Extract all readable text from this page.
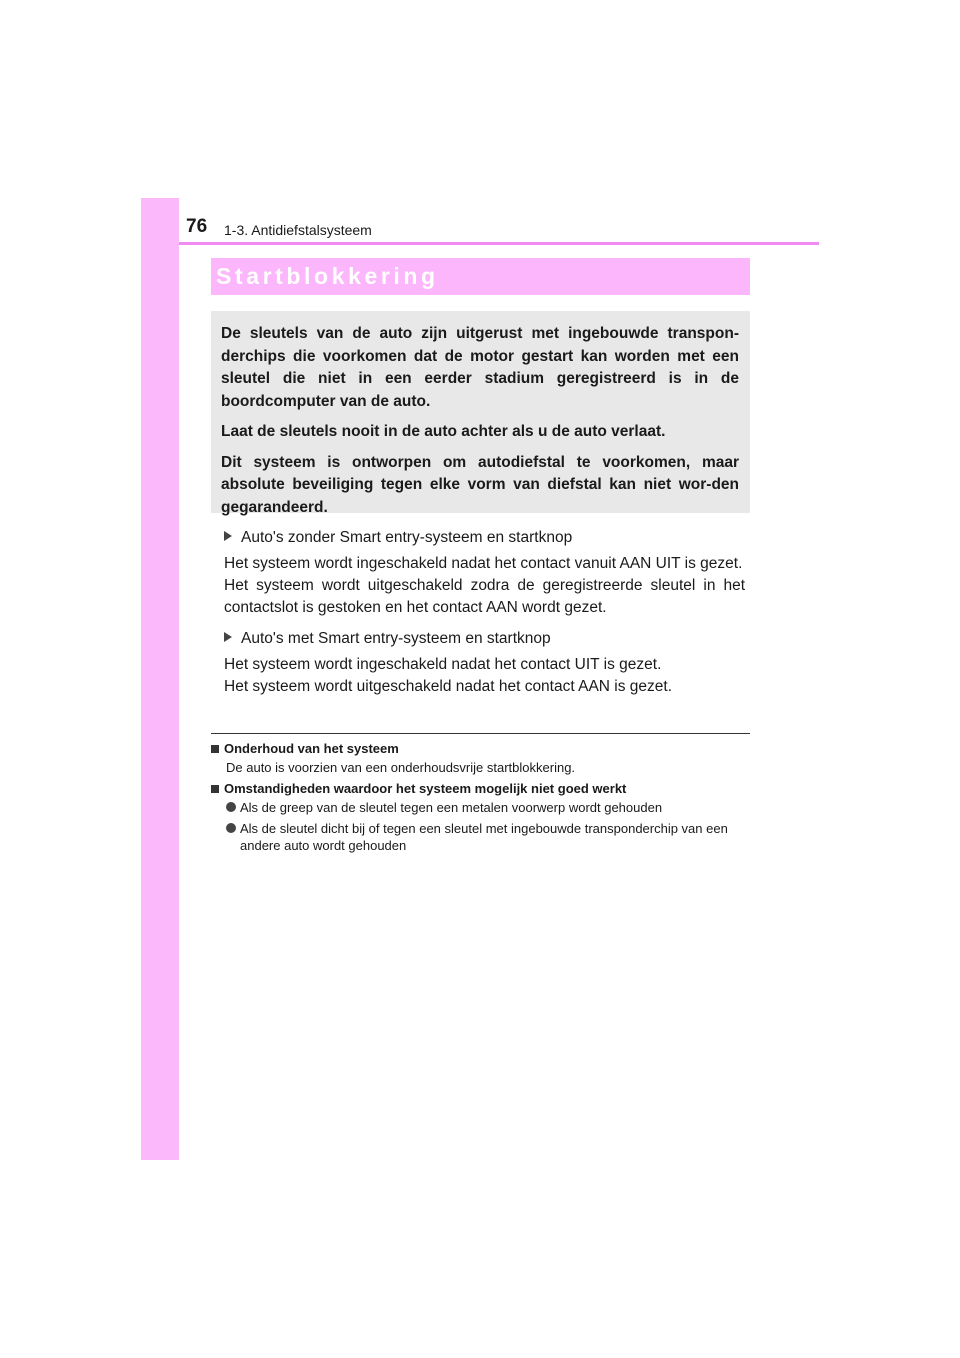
76 1-3. Antidiefstalsysteem
Startblokkering

De sleutels van de auto zijn uitgerust met ingebouwde transpon-derchips die voorkomen dat de motor gestart kan worden met een sleutel die niet in een eerder stadium geregistreerd is in de boordcomputer van de auto.

Laat de sleutels nooit in de auto achter als u de auto verlaat.

Dit systeem is ontworpen om autodiefstal te voorkomen, maar absolute beveiliging tegen elke vorm van diefstal kan niet wor-den gegarandeerd.

Auto's zonder Smart entry-systeem en startknop

Het systeem wordt ingeschakeld nadat het contact vanuit AAN UIT is gezet.

Het systeem wordt uitgeschakeld zodra de geregistreerde sleutel in het contactslot is gestoken en het contact AAN wordt gezet.

Auto's met Smart entry-systeem en startknop

Het systeem wordt ingeschakeld nadat het contact UIT is gezet.

Het systeem wordt uitgeschakeld nadat het contact AAN is gezet.

Onderhoud van het systeem

De auto is voorzien van een onderhoudsvrije startblokkering.

Omstandigheden waardoor het systeem mogelijk niet goed werkt

Als de greep van de sleutel tegen een metalen voorwerp wordt gehouden

Als de sleutel dicht bij of tegen een sleutel met ingebouwde transponderchip van een andere auto wordt gehouden
